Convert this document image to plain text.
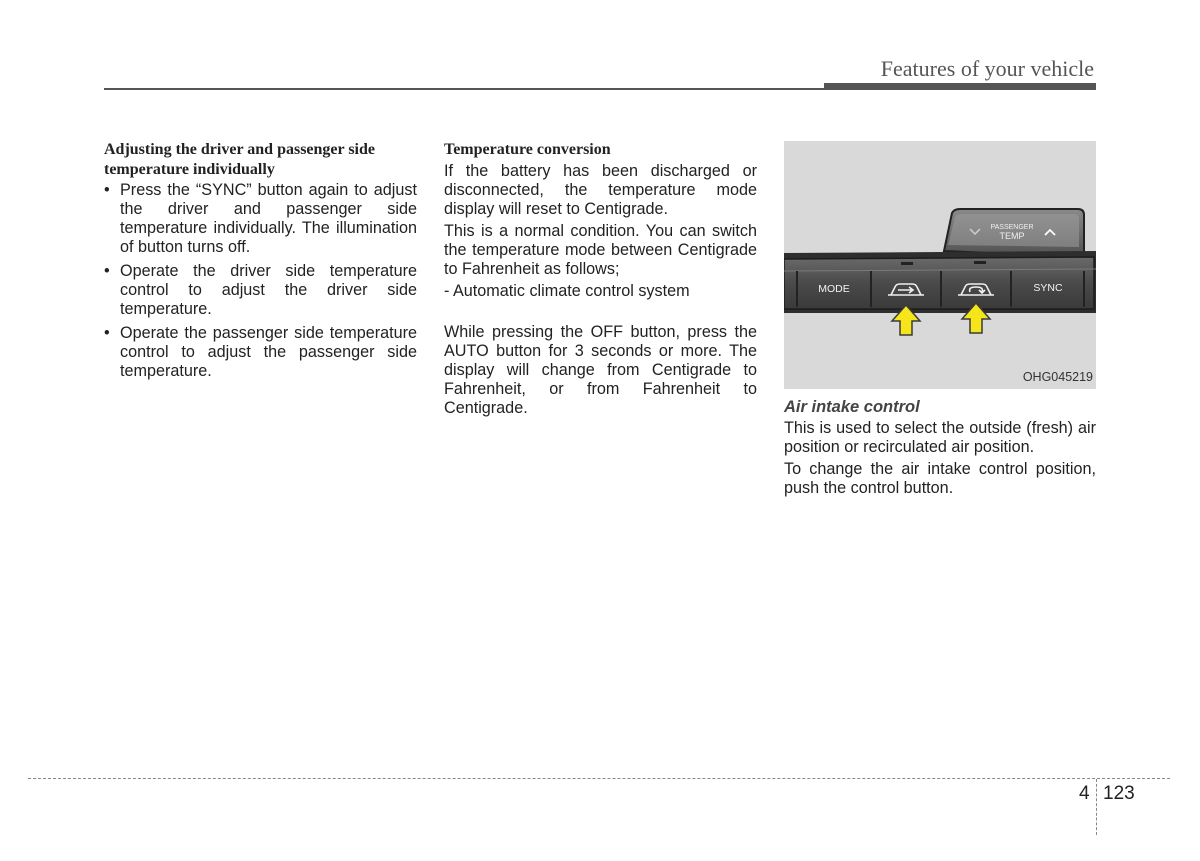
Features of your vehicle
Adjusting the driver and passenger side
temperature individually
• Press the “SYNC” button again to adjust the driver and passenger side temperature individually. The illumination of button turns off.
• Operate the driver side temperature control to adjust the driver side temperature.
• Operate the passenger side temperature control to adjust the passenger side temperature.
Temperature conversion

If the battery has been discharged or disconnected, the temperature mode display will reset to Centigrade.

This is a normal condition. You can switch the temperature mode between Centigrade to Fahrenheit as follows;

- Automatic climate control system

While pressing the OFF button, press the AUTO button for 3 seconds or more. The display will change from Centigrade to Fahrenheit, or from Fahrenheit to Centigrade.

PASSENGER
TEMP
MODE	SYNC
OHG045219
Air intake control

This is used to select the outside (fresh) air position or recirculated air position.

To change the air intake control position, push the control button.

4 123
